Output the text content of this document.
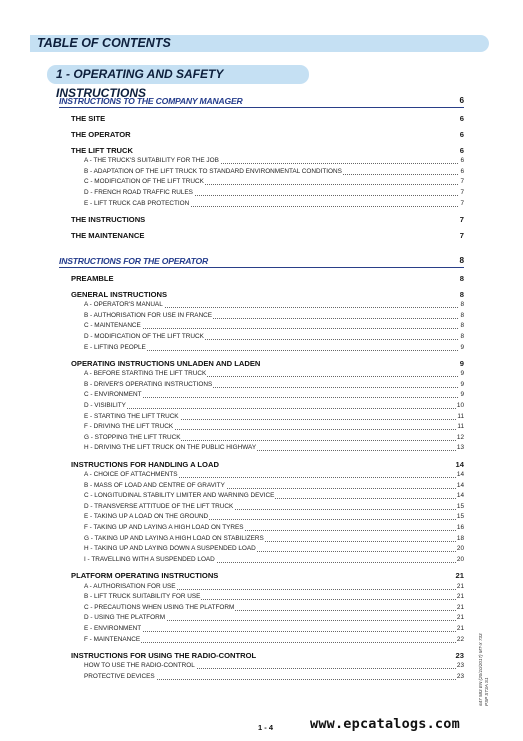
TABLE OF CONTENTS
1 - OPERATING AND SAFETY INSTRUCTIONS
INSTRUCTIONS TO THE COMPANY MANAGER	6
THE SITE	6
THE OPERATOR	6
THE LIFT TRUCK	6
A - THE TRUCK'S SUITABILITY FOR THE JOB	6
B - ADAPTATION OF THE LIFT TRUCK TO STANDARD ENVIRONMENTAL CONDITIONS	6
C - MODIFICATION OF THE LIFT TRUCK	7
D - FRENCH ROAD TRAFFIC RULES	7
E - LIFT TRUCK CAB PROTECTION	7
THE INSTRUCTIONS	7
THE MAINTENANCE	7
INSTRUCTIONS FOR THE OPERATOR	8
PREAMBLE	8
GENERAL INSTRUCTIONS	8
A - OPERATOR'S MANUAL	8
B - AUTHORISATION FOR USE IN FRANCE	8
C - MAINTENANCE	8
D - MODIFICATION OF THE LIFT TRUCK	8
E - LIFTING PEOPLE	9
OPERATING INSTRUCTIONS UNLADEN AND LADEN	9
A - BEFORE STARTING THE LIFT TRUCK	9
B - DRIVER'S OPERATING INSTRUCTIONS	9
C - ENVIRONMENT	9
D - VISIBILITY	10
E - STARTING THE LIFT TRUCK	11
F - DRIVING THE LIFT TRUCK	11
G - STOPPING THE LIFT TRUCK	12
H - DRIVING THE LIFT TRUCK ON THE PUBLIC HIGHWAY	13
INSTRUCTIONS FOR HANDLING A LOAD	14
A - CHOICE OF ATTACHMENTS	14
B - MASS OF LOAD AND CENTRE OF GRAVITY	14
C - LONGITUDINAL STABILITY LIMITER AND WARNING DEVICE	14
D - TRANSVERSE ATTITUDE OF THE LIFT TRUCK	15
E - TAKING UP A LOAD ON THE GROUND	15
F - TAKING UP AND LAYING A HIGH LOAD ON TYRES	16
G - TAKING UP AND LAYING A HIGH LOAD ON STABILIZERS	18
H - TAKING UP AND LAYING DOWN A SUSPENDED LOAD	20
I - TRAVELLING WITH A SUSPENDED LOAD	20
PLATFORM OPERATING INSTRUCTIONS	21
A - AUTHORISATION FOR USE	21
B - LIFT TRUCK SUITABILITY FOR USE	21
C - PRECAUTIONS WHEN USING THE PLATFORM	21
D - USING THE PLATFORM	21
E - ENVIRONMENT	21
F - MAINTENANCE	22
INSTRUCTIONS FOR USING THE RADIO-CONTROL	23
HOW TO USE THE RADIO-CONTROL	23
PROTECTIVE DEVICES	23
1 - 4	www.epcatalogs.com
647 583 EN (20/10/2017) MT-X 733 PSP ST3A S1
